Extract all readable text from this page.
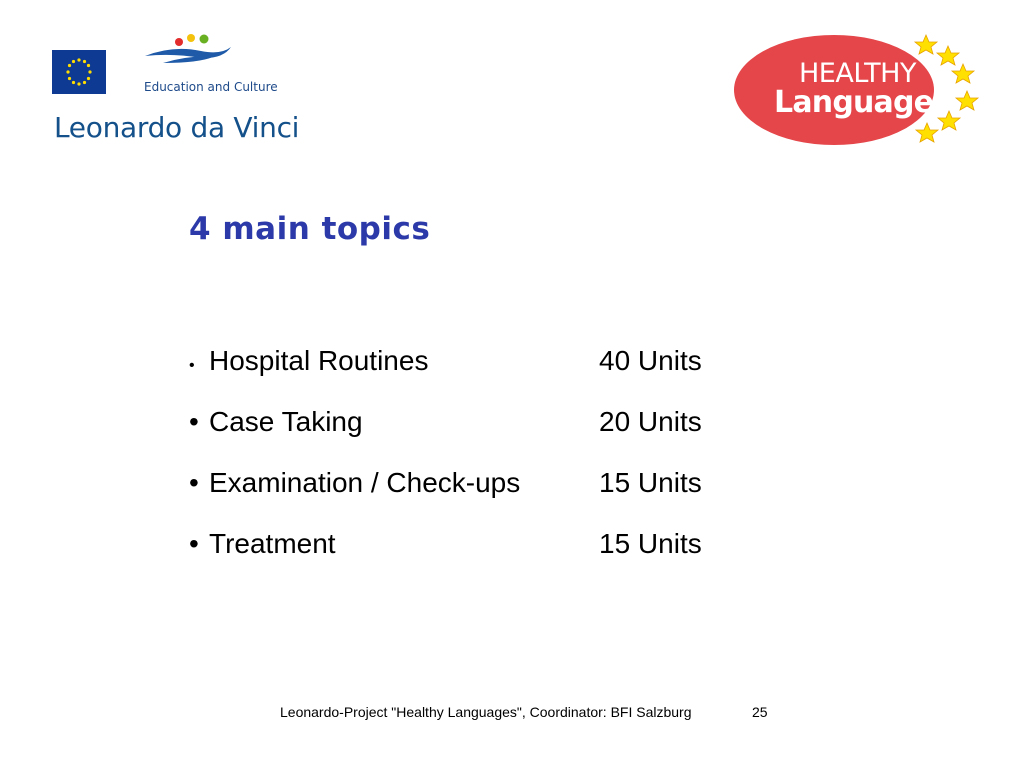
Education and Culture
Leonardo da Vinci
HEALTHY
Languages
4 main topics
• Hospital Routines	40 Units
• Case Taking	20 Units
• Examination / Check-ups	15 Units
• Treatment	15 Units
Leonardo-Project "Healthy Languages", Coordinator: BFI Salzburg	25
